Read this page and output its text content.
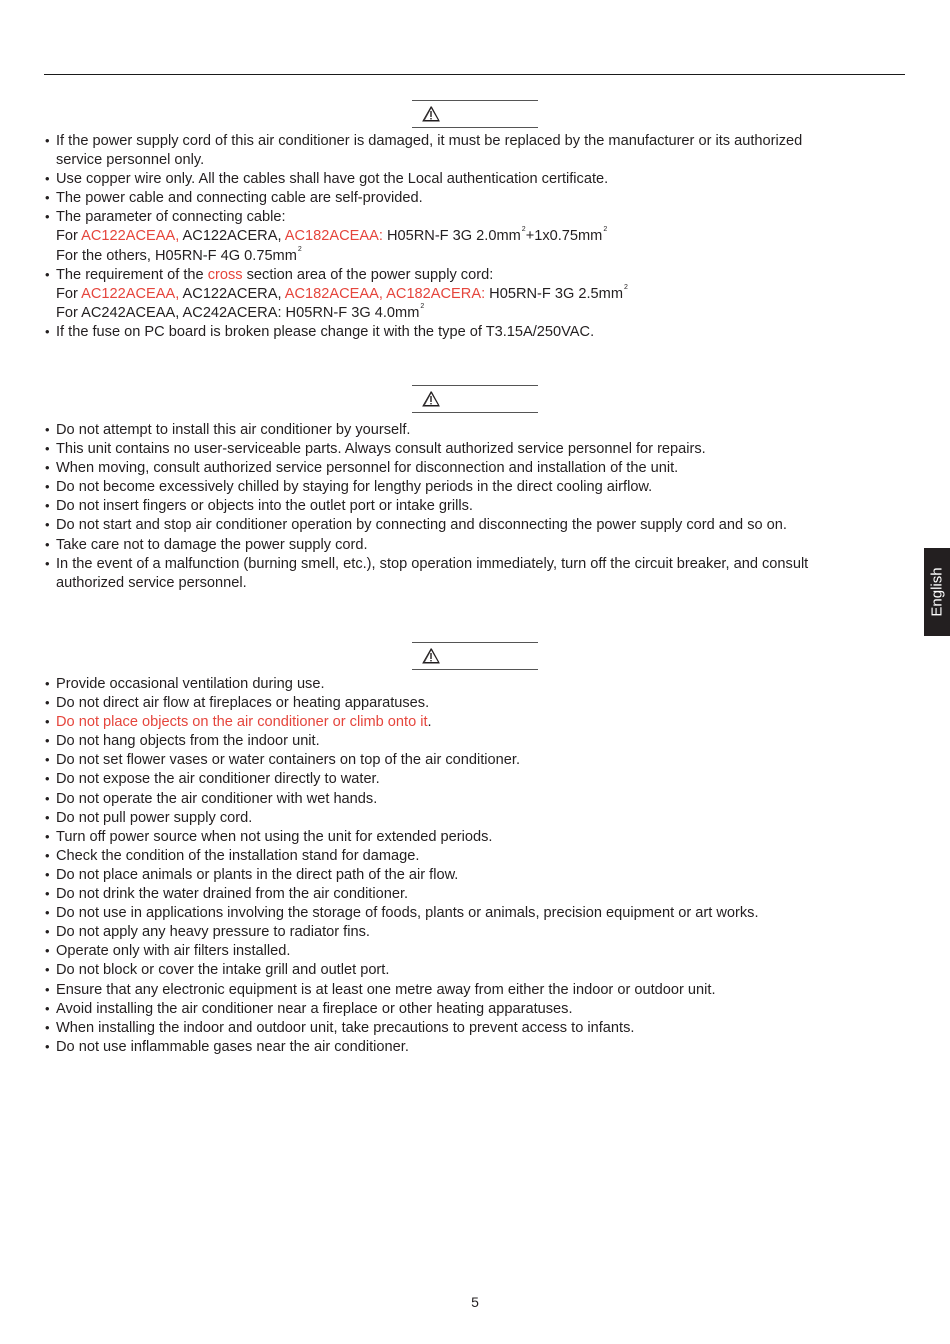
• If the power supply cord of this air conditioner is damaged, it must be replaced by the manufacturer or its authorized
service personnel only.
• Use copper wire only. All the cables shall have got the Local authentication certificate.
• The power cable and connecting cable are self-provided.
• The parameter of connecting cable:
For AC122ACEAA, AC122ACERA, AC182ACEAA: H05RN-F 3G $2.0mm^2+1x0.75mm^2$
For the others, H05RN-F 4G $0.75mm^2$
• The requirement of the cross section area of the power supply cord:
For AC122ACEAA, AC122ACERA, AC182ACEAA, AC182ACERA: H05RN-F 3G $2.5mm^2$
For AC242ACEAA, AC242ACERA: H05RN-F 3G $4.0mm^2$
• If the fuse on PC board is broken please change it with the type of T3.15A/250VAC.
• Do not attempt to install this air conditioner by yourself.
• This unit contains no user-serviceable parts. Always consult authorized service personnel for repairs.
• When moving, consult authorized service personnel for disconnection and installation of the unit.
• Do not become excessively chilled by staying for lengthy periods in the direct cooling airflow.
• Do not insert fingers or objects into the outlet port or intake grills.
• Do not start and stop air conditioner operation by connecting and disconnecting the power supply cord and so on.
• Take care not to damage the power supply cord.
• In the event of a malfunction (burning smell, etc.), stop operation immediately, turn off the circuit breaker, and consult
authorized service personnel.
• Provide occasional ventilation during use.
• Do not direct air flow at fireplaces or heating apparatuses.
• Do not place objects on the air conditioner or climb onto it.
• Do not hang objects from the indoor unit.
• Do not set flower vases or water containers on top of the air conditioner.
• Do not expose the air conditioner directly to water.
• Do not operate the air conditioner with wet hands.
• Do not pull power supply cord.
• Turn off power source when not using the unit for extended periods.
• Check the condition of the installation stand for damage.
• Do not place animals or plants in the direct path of the air flow.
• Do not drink the water drained from the air conditioner.
• Do not use in applications involving the storage of foods, plants or animals, precision equipment or art works.
• Do not apply any heavy pressure to radiator fins.
• Operate only with air filters installed.
• Do not block or cover the intake grill and outlet port.
• Ensure that any electronic equipment is at least one metre away from either the indoor or outdoor unit.
• Avoid installing the air conditioner near a fireplace or other heating apparatuses.
• When installing the indoor and outdoor unit, take precautions to prevent access to infants.
• Do not use inflammable gases near the air conditioner.
English
5
